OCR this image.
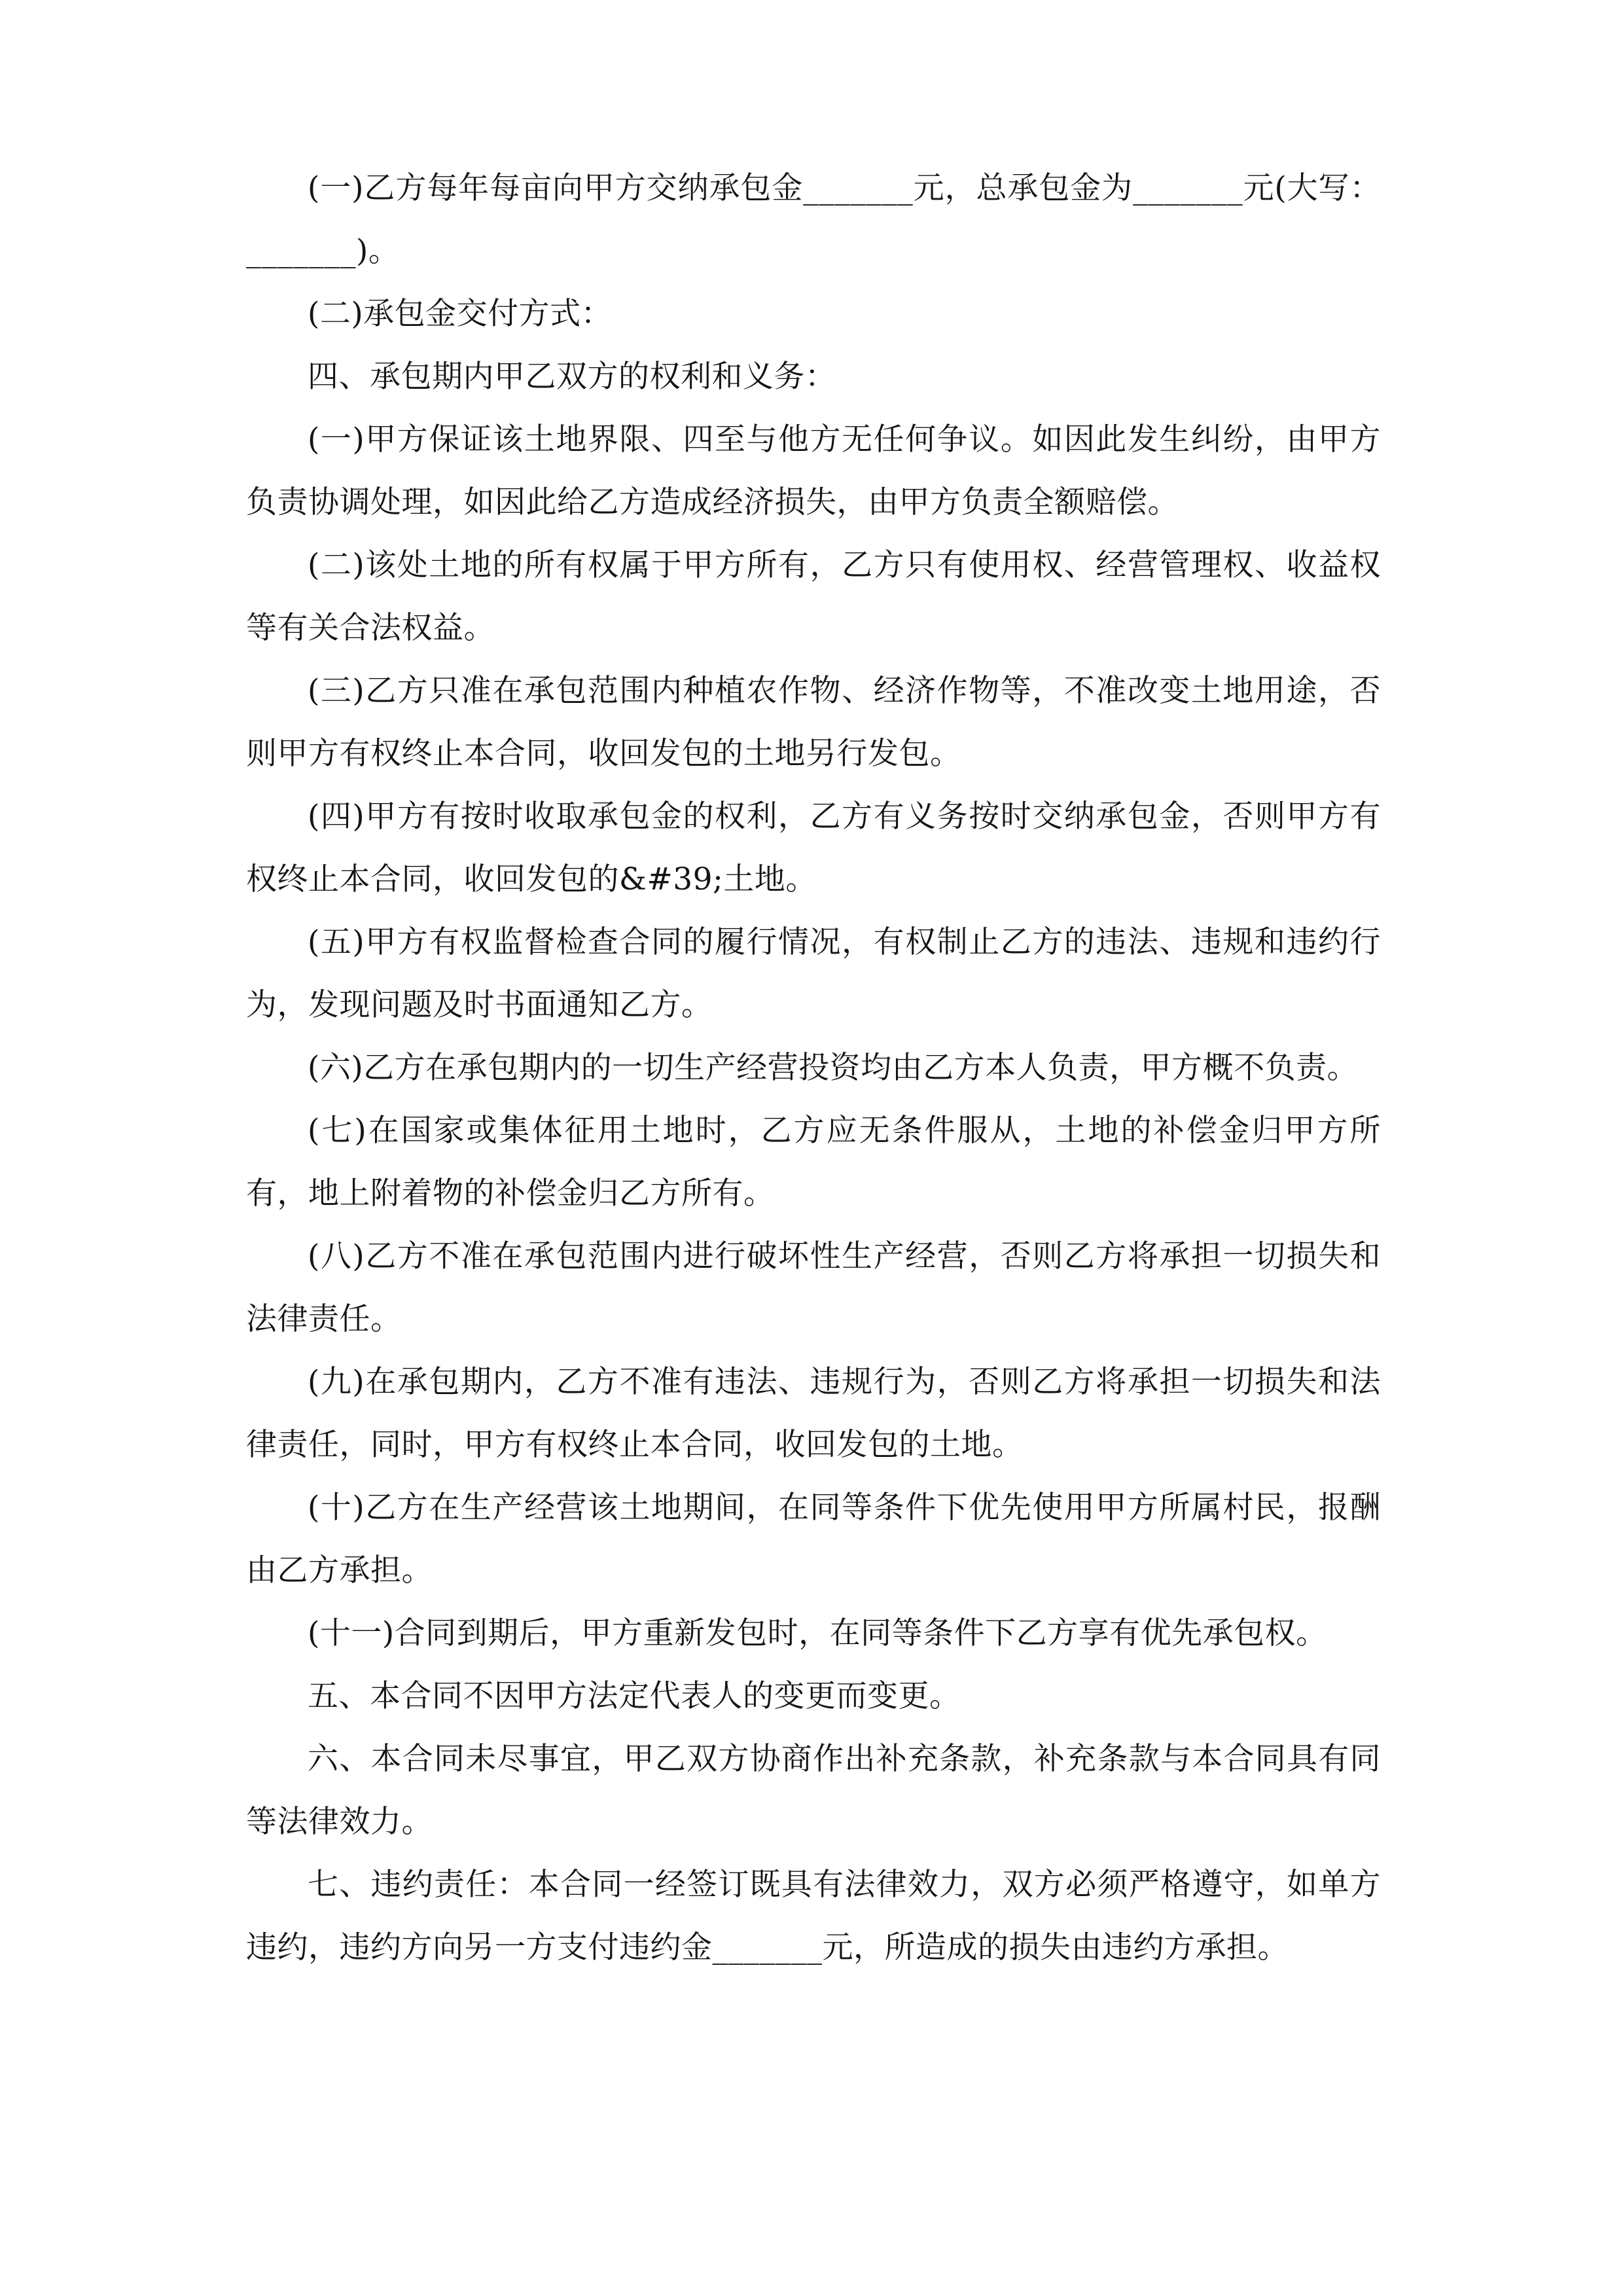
(一)乙方每年每亩向甲方交纳承包金_______元，总承包金为_______元(大写：_______)。

(二)承包金交付方式：

四、承包期内甲乙双方的权利和义务：

(一)甲方保证该土地界限、四至与他方无任何争议。如因此发生纠纷，由甲方负责协调处理，如因此给乙方造成经济损失，由甲方负责全额赔偿。

(二)该处土地的所有权属于甲方所有，乙方只有使用权、经营管理权、收益权等有关合法权益。

(三)乙方只准在承包范围内种植农作物、经济作物等，不准改变土地用途，否则甲方有权终止本合同，收回发包的土地另行发包。

(四)甲方有按时收取承包金的权利，乙方有义务按时交纳承包金，否则甲方有权终止本合同，收回发包的&#39;土地。

(五)甲方有权监督检查合同的履行情况，有权制止乙方的违法、违规和违约行为，发现问题及时书面通知乙方。

(六)乙方在承包期内的一切生产经营投资均由乙方本人负责，甲方概不负责。

(七)在国家或集体征用土地时，乙方应无条件服从，土地的补偿金归甲方所有，地上附着物的补偿金归乙方所有。

(八)乙方不准在承包范围内进行破坏性生产经营，否则乙方将承担一切损失和法律责任。

(九)在承包期内，乙方不准有违法、违规行为，否则乙方将承担一切损失和法律责任，同时，甲方有权终止本合同，收回发包的土地。

(十)乙方在生产经营该土地期间，在同等条件下优先使用甲方所属村民，报酬由乙方承担。

(十一)合同到期后，甲方重新发包时，在同等条件下乙方享有优先承包权。

五、本合同不因甲方法定代表人的变更而变更。

六、本合同未尽事宜，甲乙双方协商作出补充条款，补充条款与本合同具有同等法律效力。

七、违约责任：本合同一经签订既具有法律效力，双方必须严格遵守，如单方违约，违约方向另一方支付违约金_______元，所造成的损失由违约方承担。
